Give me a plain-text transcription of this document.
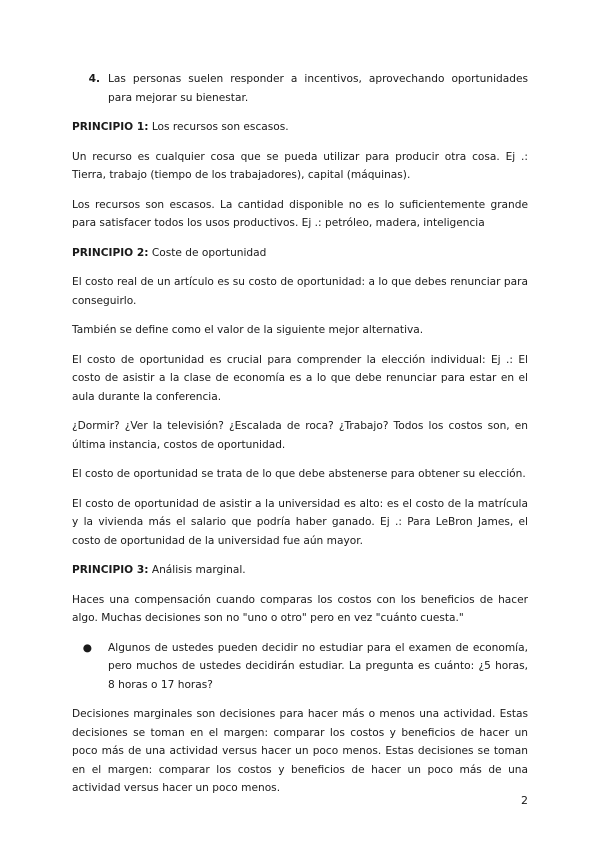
4. Las personas suelen responder a incentivos, aprovechando oportunidades para mejorar su bienestar.

PRINCIPIO 1: Los recursos son escasos.

Un recurso es cualquier cosa que se pueda utilizar para producir otra cosa. Ej .: Tierra, trabajo (tiempo de los trabajadores), capital (máquinas).

Los recursos son escasos. La cantidad disponible no es lo suficientemente grande para satisfacer todos los usos productivos. Ej .: petróleo, madera, inteligencia

PRINCIPIO 2: Coste de oportunidad

El costo real de un artículo es su costo de oportunidad: a lo que debes renunciar para conseguirlo.

También se define como el valor de la siguiente mejor alternativa.

El costo de oportunidad es crucial para comprender la elección individual: Ej .: El costo de asistir a la clase de economía es a lo que debe renunciar para estar en el aula durante la conferencia.

¿Dormir? ¿Ver la televisión? ¿Escalada de roca? ¿Trabajo? Todos los costos son, en última instancia, costos de oportunidad.

El costo de oportunidad se trata de lo que debe abstenerse para obtener su elección.

El costo de oportunidad de asistir a la universidad es alto: es el costo de la matrícula y la vivienda más el salario que podría haber ganado. Ej .: Para LeBron James, el costo de oportunidad de la universidad fue aún mayor.

PRINCIPIO 3: Análisis marginal.

Haces una compensación cuando comparas los costos con los beneficios de hacer algo. Muchas decisiones son no "uno o otro" pero en vez "cuánto cuesta."

●	Algunos de ustedes pueden decidir no estudiar para el examen de economía, pero muchos de ustedes decidirán estudiar. La pregunta es cuánto: ¿5 horas, 8 horas o 17 horas?

Decisiones marginales son decisiones para hacer más o menos una actividad. Estas decisiones se toman en el margen: comparar los costos y beneficios de hacer un poco más de una actividad versus hacer un poco menos. Estas decisiones se toman en el margen: comparar los costos y beneficios de hacer un poco más de una actividad versus hacer un poco menos.

2
